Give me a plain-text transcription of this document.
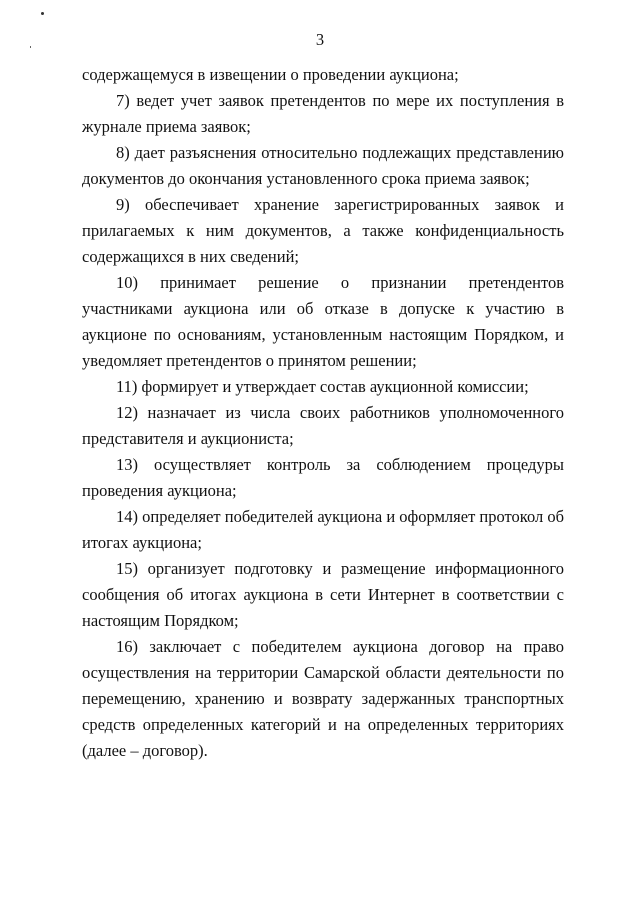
3

содержащемуся в извещении о проведении аукциона;

7) ведет учет заявок претендентов по мере их поступления в журнале приема заявок;

8) дает разъяснения относительно подлежащих представлению документов до окончания установленного срока приема заявок;

9) обеспечивает хранение зарегистрированных заявок и прилагаемых к ним документов, а также конфиденциальность содержащихся в них сведений;

10) принимает решение о признании претендентов участниками аукциона или об отказе в допуске к участию в аукционе по основаниям, установленным настоящим Порядком, и уведомляет претендентов о принятом решении;

11) формирует и утверждает состав аукционной комиссии;

12) назначает из числа своих работников уполномоченного представителя и аукциониста;

13) осуществляет контроль за соблюдением процедуры проведения аукциона;

14) определяет победителей аукциона и оформляет протокол об итогах аукциона;

15) организует подготовку и размещение информационного сообщения об итогах аукциона в сети Интернет в соответствии с настоящим Порядком;

16) заключает с победителем аукциона договор на право осуществления на территории Самарской области деятельности по перемещению, хранению и возврату задержанных транспортных средств определенных категорий и на определенных территориях (далее – договор).
